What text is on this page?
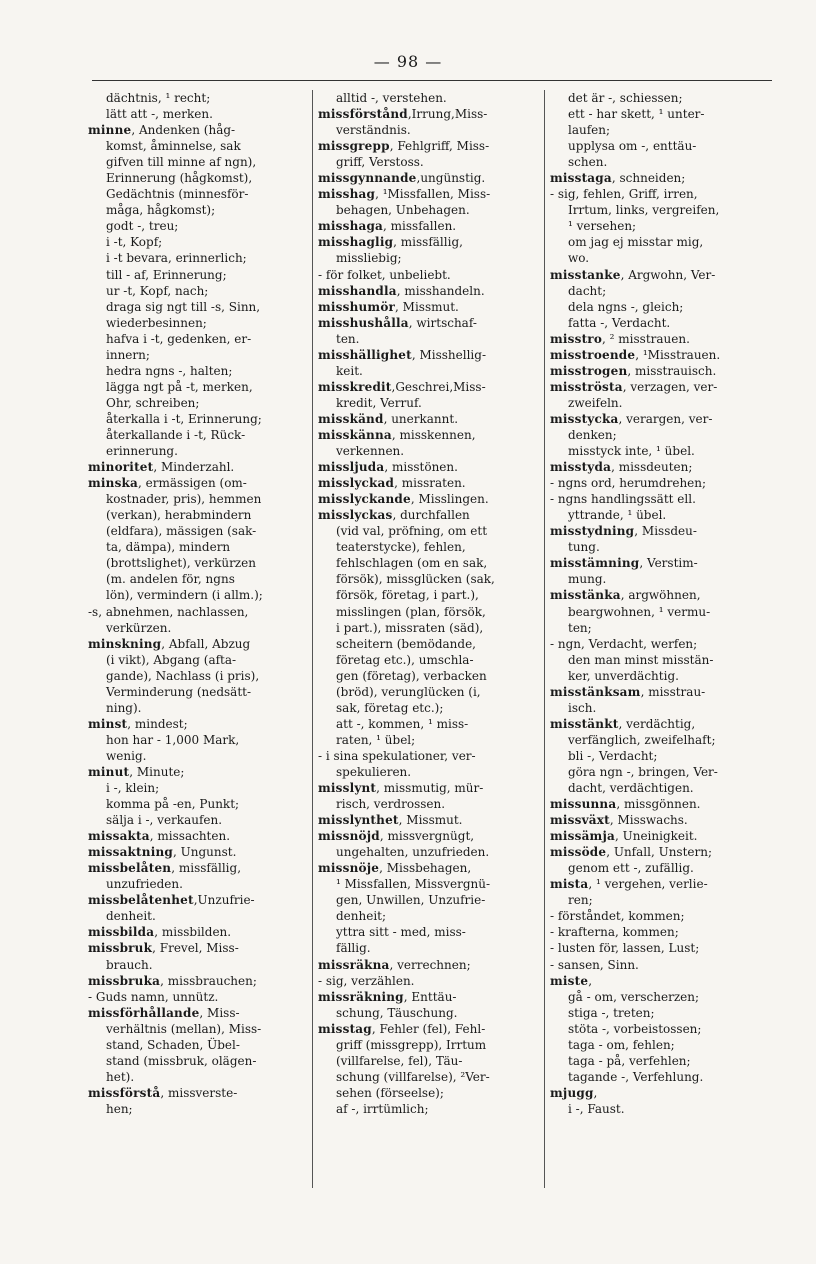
— 98 —
dächtnis, ¹ recht;
lätt att -, merken.
minne, Andenken (håg-
komst, åminnelse, sak
gifven till minne af ngn),
Erinnerung (hågkomst),
Gedächtnis (minnesför-
måga, hågkomst);
godt -, treu;
i -t, Kopf;
i -t bevara, erinnerlich;
till - af, Erinnerung;
ur -t, Kopf, nach;
draga sig ngt till -s, Sinn,
wiederbesinnen;
hafva i -t, gedenken, er-
innern;
hedra ngns -, halten;
lägga ngt på -t, merken,
Ohr, schreiben;
återkalla i -t, Erinnerung;
återkallande i -t, Rück-
erinnerung.
minoritet, Minderzahl.
minska, ermässigen (om-
kostnader, pris), hemmen
(verkan), herabmindern
(eldfara), mässigen (sak-
ta, dämpa), mindern
(brottslighet), verkürzen
(m. andelen för, ngns
lön), vermindern (i allm.);
-s, abnehmen, nachlassen,
verkürzen.
minskning, Abfall, Abzug
(i vikt), Abgang (afta-
gande), Nachlass (i pris),
Verminderung (nedsätt-
ning).
minst, mindest;
hon har - 1,000 Mark,
wenig.
minut, Minute;
i -, klein;
komma på -en, Punkt;
sälja i -, verkaufen.
missakta, missachten.
missaktning, Ungunst.
missbelåten, missfällig,
unzufrieden.
missbelåtenhet,Unzufrie-
denheit.
missbilda, missbilden.
missbruk, Frevel, Miss-
brauch.
missbruka, missbrauchen;
- Guds namn, unnütz.
missförhållande, Miss-
verhältnis (mellan), Miss-
stand, Schaden, Übel-
stand (missbruk, olägen-
het).
missförstå, missverste-
hen;
alltid -, verstehen.
missförstånd,Irrung,Miss-
verständnis.
missgrepp, Fehlgriff, Miss-
griff, Verstoss.
missgynnande,ungünstig.
misshag, ¹Missfallen, Miss-
behagen, Unbehagen.
misshaga, missfallen.
misshaglig, missfällig,
missliebig;
- för folket, unbeliebt.
misshandla, misshandeln.
misshumör, Missmut.
misshushålla, wirtschaf-
ten.
misshällighet, Misshellig-
keit.
misskredit,Geschrei,Miss-
kredit, Verruf.
misskänd, unerkannt.
misskänna, misskennen,
verkennen.
missljuda, misstönen.
misslyckad, missraten.
misslyckande, Misslingen.
misslyckas, durchfallen
(vid val, pröfning, om ett
teaterstycke), fehlen,
fehlschlagen (om en sak,
försök), missglücken (sak,
försök, företag, i part.),
misslingen (plan, försök,
i part.), missraten (säd),
scheitern (bemödande,
företag etc.), umschla-
gen (företag), verbacken
(bröd), verunglücken (i,
sak, företag etc.);
att -, kommen, ¹ miss-
raten, ¹ übel;
- i sina spekulationer, ver-
spekulieren.
misslynt, missmutig, mür-
risch, verdrossen.
misslynthet, Missmut.
missnöjd, missvergnügt,
ungehalten, unzufrieden.
missnöje, Missbehagen,
¹ Missfallen, Missvergnü-
gen, Unwillen, Unzufrie-
denheit;
yttra sitt - med, miss-
fällig.
missräkna, verrechnen;
- sig, verzählen.
missräkning, Enttäu-
schung, Täuschung.
misstag, Fehler (fel), Fehl-
griff (missgrepp), Irrtum
(villfarelse, fel), Täu-
schung (villfarelse), ²Ver-
sehen (förseelse);
af -, irrtümlich;
det är -, schiessen;
ett - har skett, ¹ unter-
laufen;
upplysa om -, enttäu-
schen.
misstaga, schneiden;
- sig, fehlen, Griff, irren,
Irrtum, links, vergreifen,
¹ versehen;
om jag ej misstar mig,
wo.
misstanke, Argwohn, Ver-
dacht;
dela ngns -, gleich;
fatta -, Verdacht.
misstro, ² misstrauen.
misstroende, ¹Misstrauen.
misstrogen, misstrauisch.
misströsta, verzagen, ver-
zweifeln.
misstycka, verargen, ver-
denken;
misstyck inte, ¹ übel.
misstyda, missdeuten;
- ngns ord, herumdrehen;
- ngns handlingssätt ell.
yttrande, ¹ übel.
misstydning, Missdeu-
tung.
misstämning, Verstim-
mung.
misstänka, argwöhnen,
beargwohnen, ¹ vermu-
ten;
- ngn, Verdacht, werfen;
den man minst misstän-
ker, unverdächtig.
misstänksam, misstrau-
isch.
misstänkt, verdächtig,
verfänglich, zweifelhaft;
bli -, Verdacht;
göra ngn -, bringen, Ver-
dacht, verdächtigen.
missunna, missgönnen.
missväxt, Misswachs.
missämja, Uneinigkeit.
missöde, Unfall, Unstern;
genom ett -, zufällig.
mista, ¹ vergehen, verlie-
ren;
- förståndet, kommen;
- krafterna, kommen;
- lusten för, lassen, Lust;
- sansen, Sinn.
miste,
gå - om, verscherzen;
stiga -, treten;
stöta -, vorbeistossen;
taga - om, fehlen;
taga - på, verfehlen;
tagande -, Verfehlung.
mjugg,
i -, Faust.
